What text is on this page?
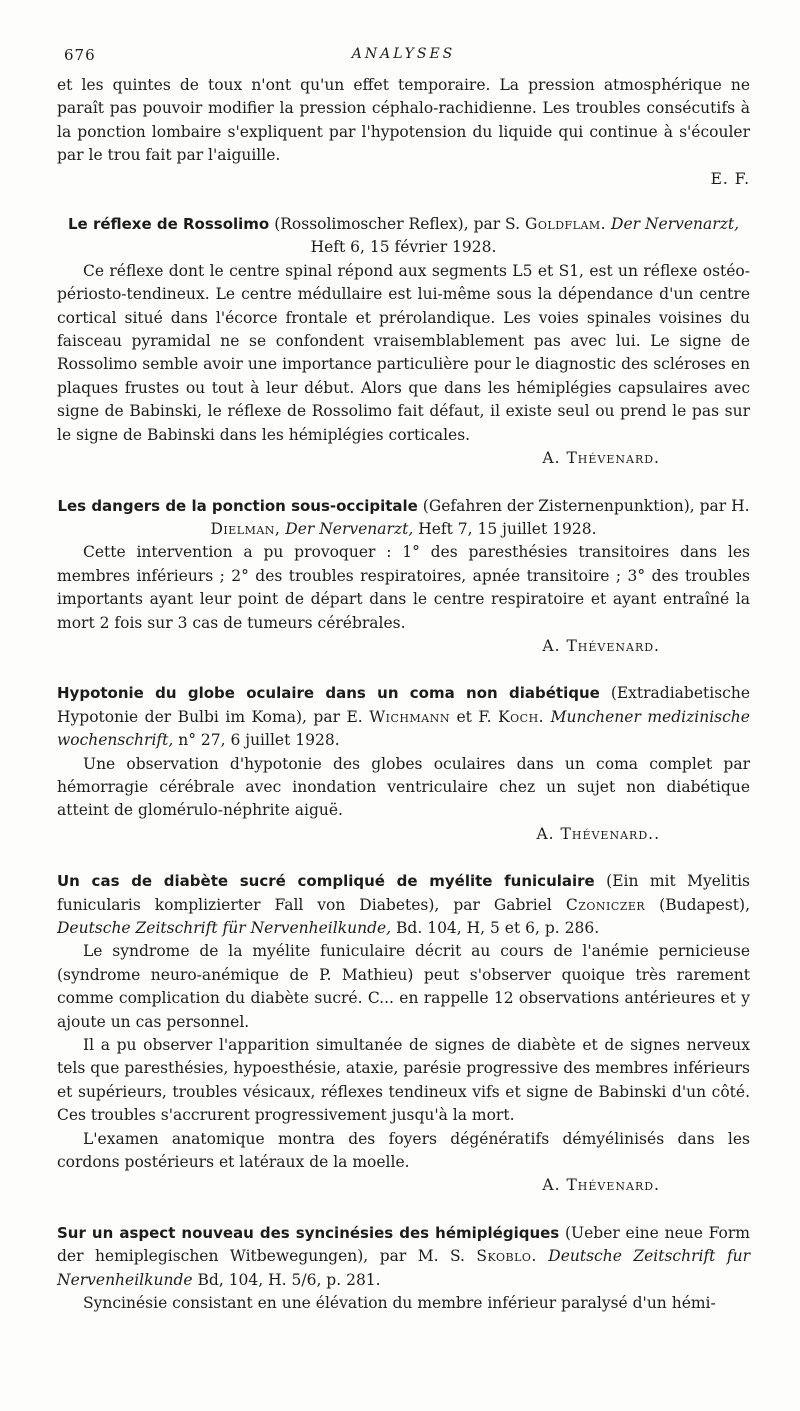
676	ANALYSES

et les quintes de toux n'ont qu'un effet temporaire. La pression atmosphérique ne paraît pas pouvoir modifier la pression céphalo-rachidienne. Les troubles consécutifs à la ponction lombaire s'expliquent par l'hypotension du liquide qui continue à s'écouler par le trou fait par l'aiguille.

E. F.

Le réflexe de Rossolimo (Rossolimoscher Reflex), par S. Goldflam. Der Nervenarzt, Heft 6, 15 février 1928.

Ce réflexe dont le centre spinal répond aux segments L5 et S1, est un réflexe ostéo-périosto-tendineux. Le centre médullaire est lui-même sous la dépendance d'un centre cortical situé dans l'écorce frontale et prérolandique. Les voies spinales voisines du faisceau pyramidal ne se confondent vraisemblablement pas avec lui. Le signe de Rossolimo semble avoir une importance particulière pour le diagnostic des scléroses en plaques frustes ou tout à leur début. Alors que dans les hémiplégies capsulaires avec signe de Babinski, le réflexe de Rossolimo fait défaut, il existe seul ou prend le pas sur le signe de Babinski dans les hémiplégies corticales.

A. Thévenard.

Les dangers de la ponction sous-occipitale (Gefahren der Zisternenpunktion), par H. Dielman, Der Nervenarzt, Heft 7, 15 juillet 1928.

Cette intervention a pu provoquer : 1° des paresthésies transitoires dans les membres inférieurs ; 2° des troubles respiratoires, apnée transitoire ; 3° des troubles importants ayant leur point de départ dans le centre respiratoire et ayant entraîné la mort 2 fois sur 3 cas de tumeurs cérébrales.

A. Thévenard.

Hypotonie du globe oculaire dans un coma non diabétique (Extradiabetische Hypotonie der Bulbi im Koma), par E. Wichmann et F. Koch. Munchener medizinische wochenschrift, n° 27, 6 juillet 1928.

Une observation d'hypotonie des globes oculaires dans un coma complet par hémorragie cérébrale avec inondation ventriculaire chez un sujet non diabétique atteint de glomérulo-néphrite aiguë.

A. Thévenard..

Un cas de diabète sucré compliqué de myélite funiculaire (Ein mit Myelitis funicularis komplizierter Fall von Diabetes), par Gabriel Czoniczer (Budapest), Deutsche Zeitschrift für Nervenheilkunde, Bd. 104, H, 5 et 6, p. 286.

Le syndrome de la myélite funiculaire décrit au cours de l'anémie pernicieuse (syndrome neuro-anémique de P. Mathieu) peut s'observer quoique très rarement comme complication du diabète sucré. C... en rappelle 12 observations antérieures et y ajoute un cas personnel.

Il a pu observer l'apparition simultanée de signes de diabète et de signes nerveux tels que paresthésies, hypoesthésie, ataxie, parésie progressive des membres inférieurs et supérieurs, troubles vésicaux, réflexes tendineux vifs et signe de Babinski d'un côté. Ces troubles s'accrurent progressivement jusqu'à la mort.

L'examen anatomique montra des foyers dégénératifs démyélinisés dans les cordons postérieurs et latéraux de la moelle.

A. Thévenard.

Sur un aspect nouveau des syncinésies des hémiplégiques (Ueber eine neue Form der hemiplegischen Witbewegungen), par M. S. Skoblo. Deutsche Zeitschrift fur Nervenheilkunde Bd, 104, H. 5/6, p. 281.

Syncinésie consistant en une élévation du membre inférieur paralysé d'un hémi-
